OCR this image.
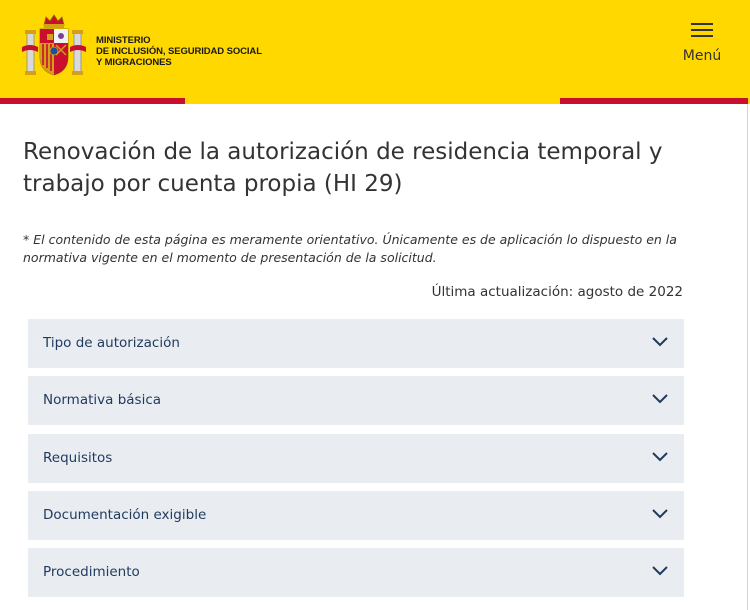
MINISTERIO
DE INCLUSIÓN, SEGURIDAD SOCIAL
Y MIGRACIONES	Menú
Renovación de la autorización de residencia temporal y trabajo por cuenta propia (HI 29)

* El contenido de esta página es meramente orientativo. Únicamente es de aplicación lo dispuesto en la normativa vigente en el momento de presentación de la solicitud.

Última actualización: agosto de 2022
Tipo de autorización
Normativa básica
Requisitos
Documentación exigible
Procedimiento
